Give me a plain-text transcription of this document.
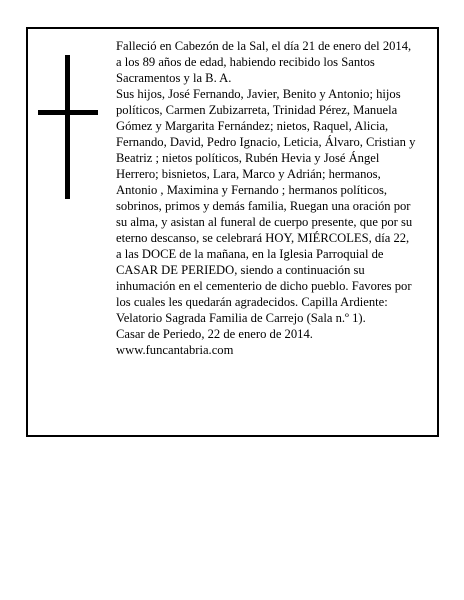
Falleció en Cabezón de la Sal, el día 21 de enero del 2014, a los 89 años de edad, habiendo recibido los Santos Sacramentos y la B. A.

Sus hijos, José Fernando, Javier, Benito y Antonio; hijos políticos, Carmen Zubizarreta, Trinidad Pérez, Manuela Gómez y Margarita Fernández; nietos, Raquel, Alicia, Fernando, David, Pedro Ignacio, Leticia, Álvaro, Cristian y Beatriz ; nietos políticos, Rubén Hevia y José Ángel Herrero; bisnietos, Lara, Marco y Adrián; hermanos, Antonio , Maximina y Fernando ; hermanos políticos, sobrinos, primos y demás familia, Ruegan una oración por su alma, y asistan al funeral de cuerpo presente, que por su eterno descanso, se celebrará HOY, MIÉRCOLES, día 22, a las DOCE de la mañana, en la Iglesia Parroquial de CASAR DE PERIEDO, siendo a continuación su inhumación en el cementerio de dicho pueblo. Favores por los cuales les quedarán agradecidos. Capilla Ardiente: Velatorio Sagrada Familia de Carrejo (Sala n.º 1).

Casar de Periedo, 22 de enero de 2014.

www.funcantabria.com
